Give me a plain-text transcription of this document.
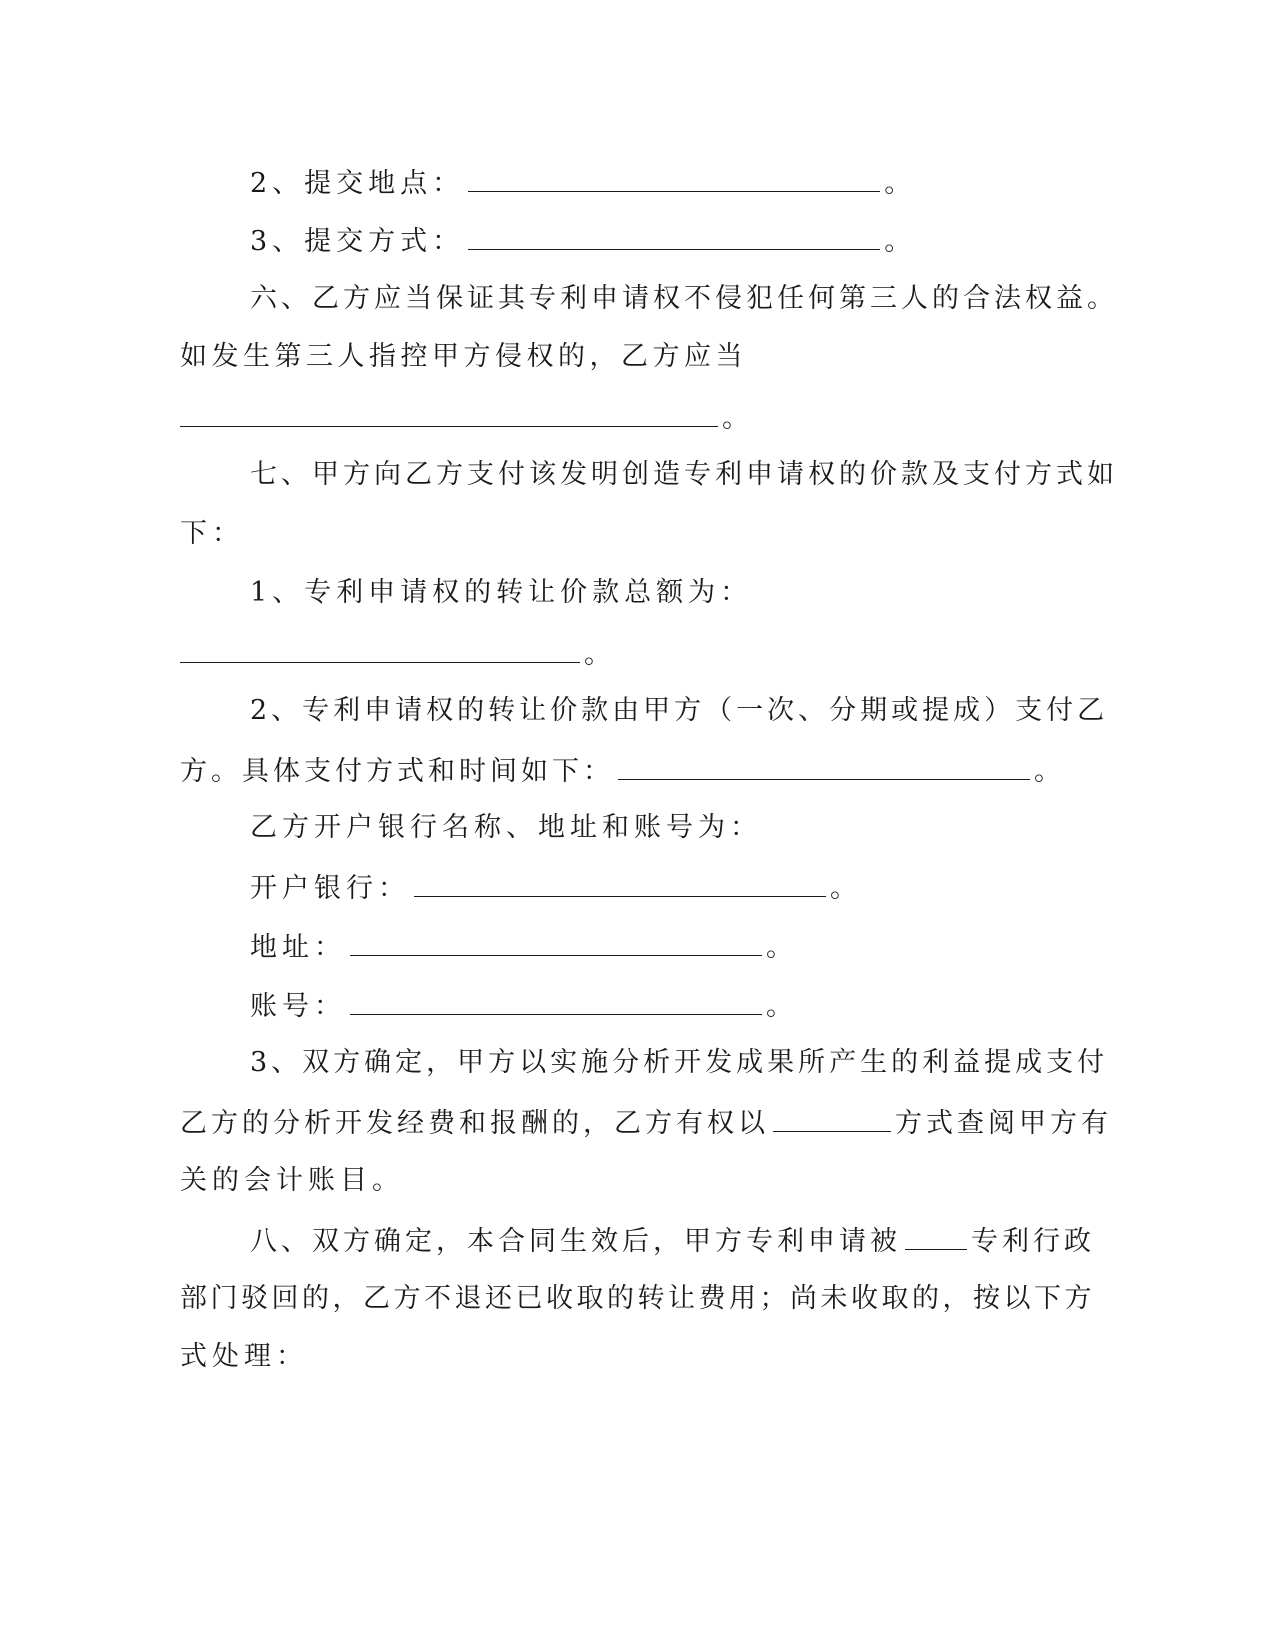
2、提交地点：	。
3、提交方式：	。
六、乙方应当保证其专利申请权不侵犯任何第三人的合法权益。
如发生第三人指控甲方侵权的，乙方应当
。
七、甲方向乙方支付该发明创造专利申请权的价款及支付方式如
下：
1、专利申请权的转让价款总额为：
。
2、专利申请权的转让价款由甲方（一次、分期或提成）支付乙
方。具体支付方式和时间如下：	。
乙方开户银行名称、地址和账号为：
开户银行：	。
地址：	。
账号：	。
3、双方确定，甲方以实施分析开发成果所产生的利益提成支付
乙方的分析开发经费和报酬的，乙方有权以	方式查阅甲方有
关的会计账目。
八、双方确定，本合同生效后，甲方专利申请被	专利行政
部门驳回的，乙方不退还已收取的转让费用；尚未收取的，按以下方
式处理：
